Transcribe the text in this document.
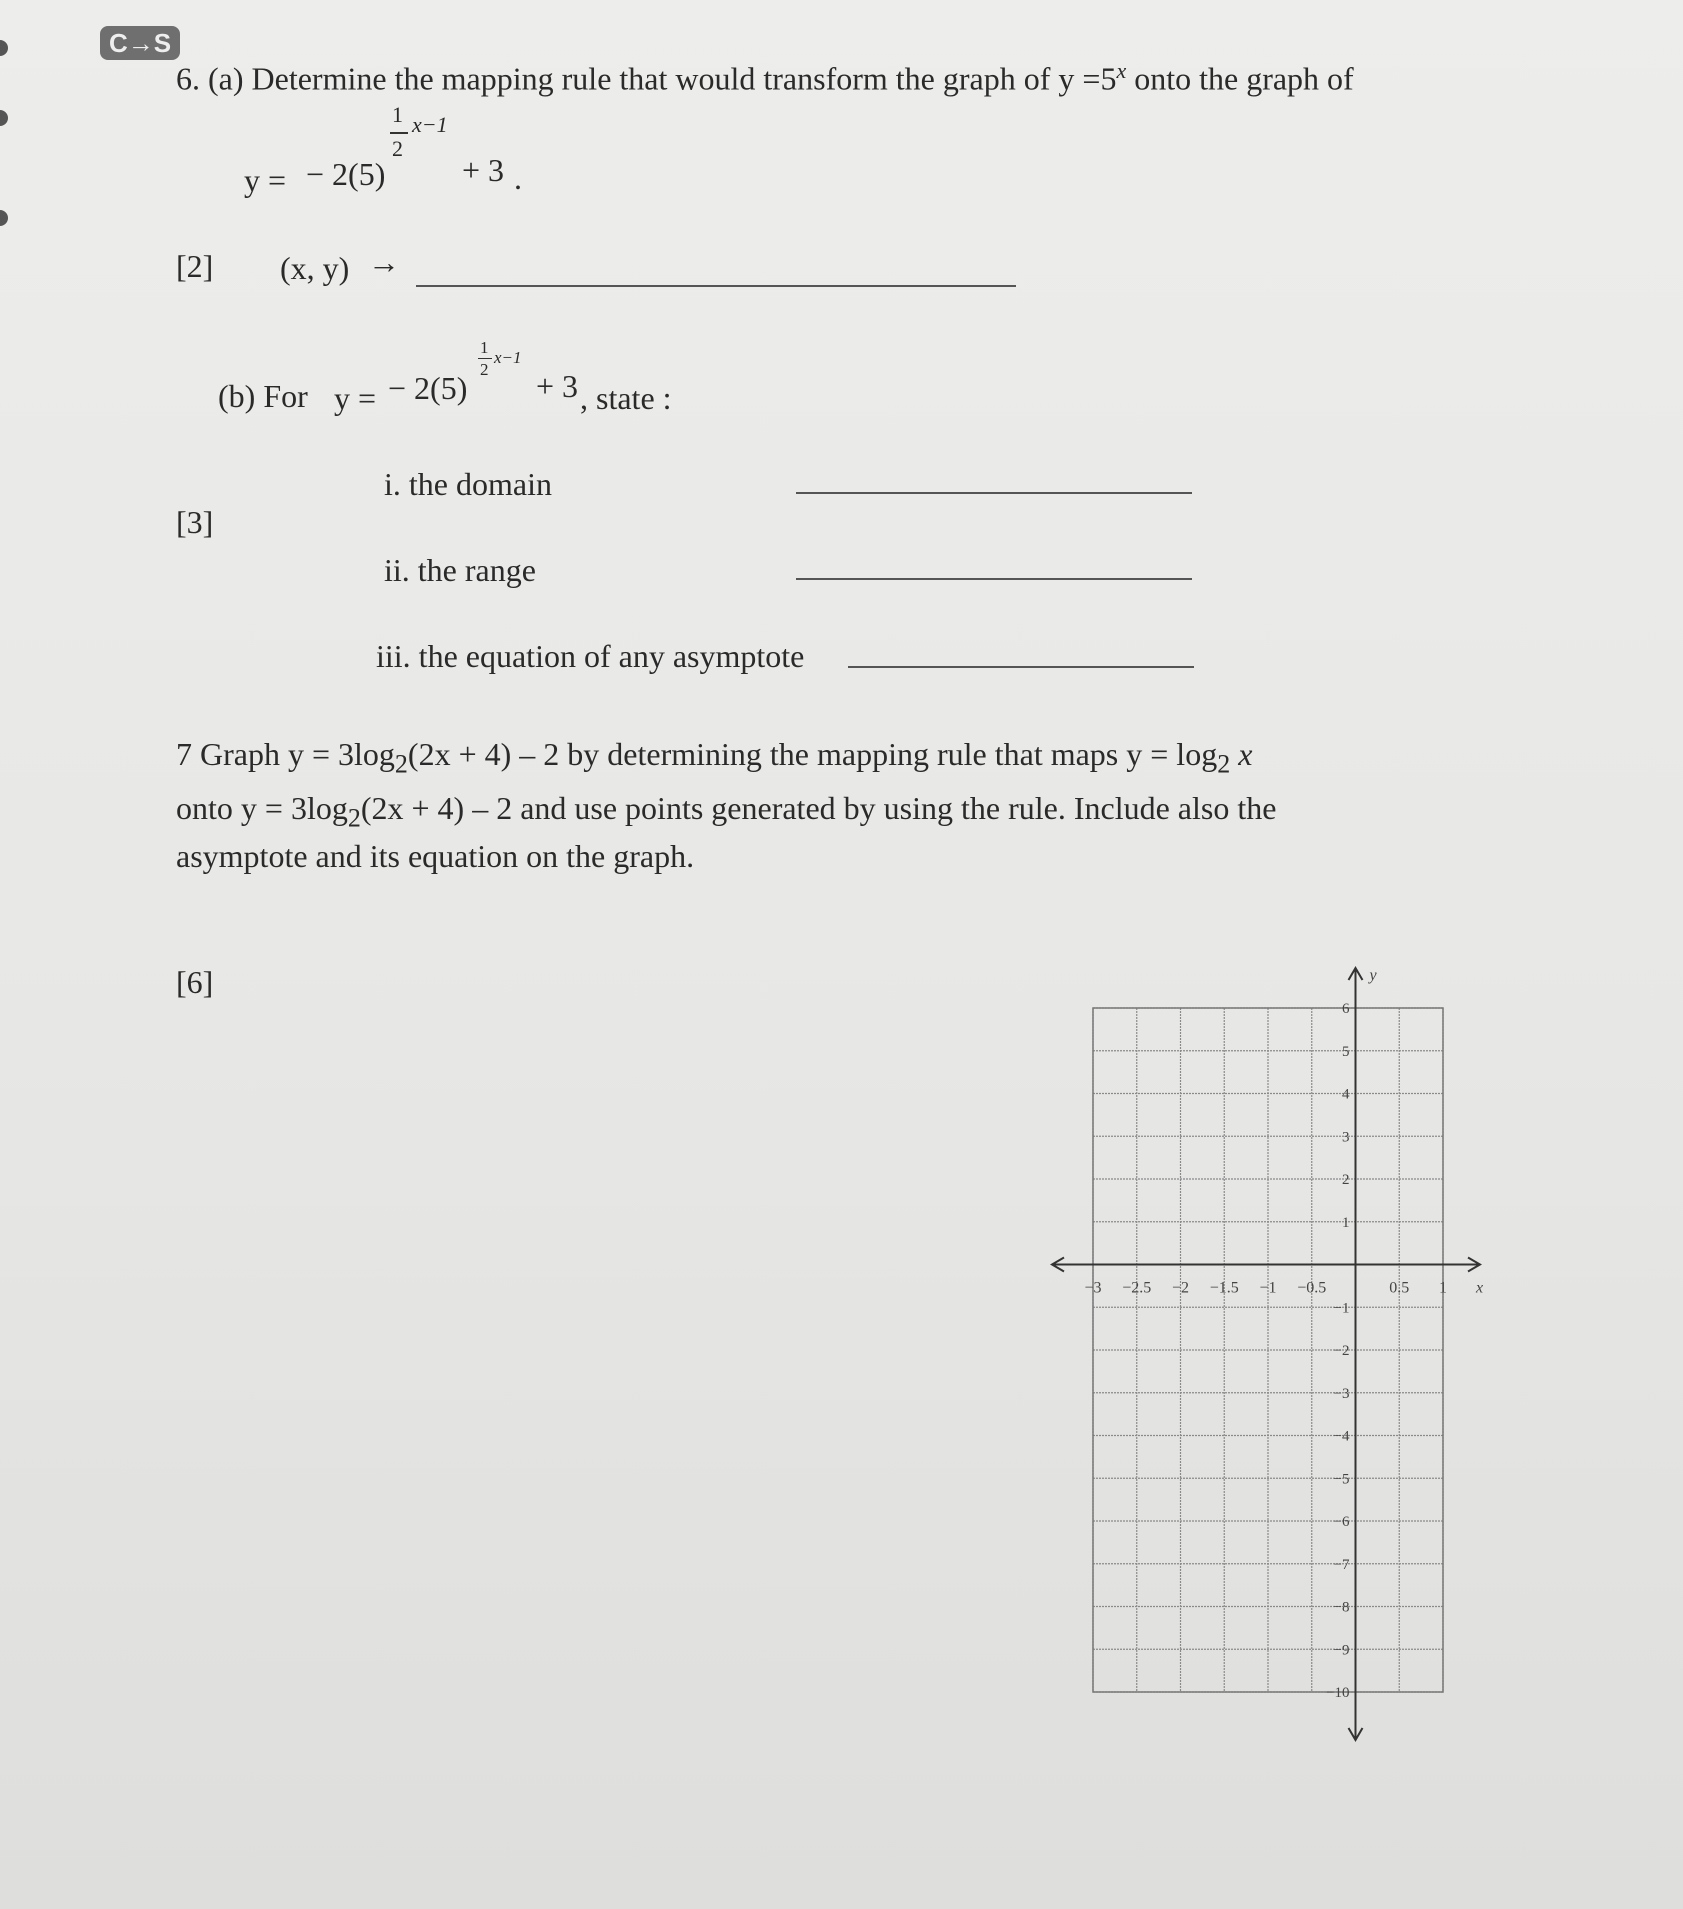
C→S
6. (a) Determine the mapping rule that would transform the graph of $y =5^x$ onto the graph of
y = − 2(5)
1
2
x−1
+ 3 .
[2] (x, y) →
(b) For y = − 2(5)
1
2
x−1
+ 3 , state :
[3]
i. the domain
ii. the range
iii. the equation of any asymptote
7 Graph $y = 3\log_2(2x + 4) - 2$ by determining the mapping rule that maps $y = \log_2 x$
onto $y = 3\log_2(2x + 4) - 2$ and use points generated by using the rule. Include also the
asymptote and its equation on the graph.
[6]
x
y
−3 −2.5 −2 −1.5 −1 −0.5	0.5 1
6
5
4
3
2
1
−1
−2
−3
−4
−5
−6
−7
−8
−9
−10
